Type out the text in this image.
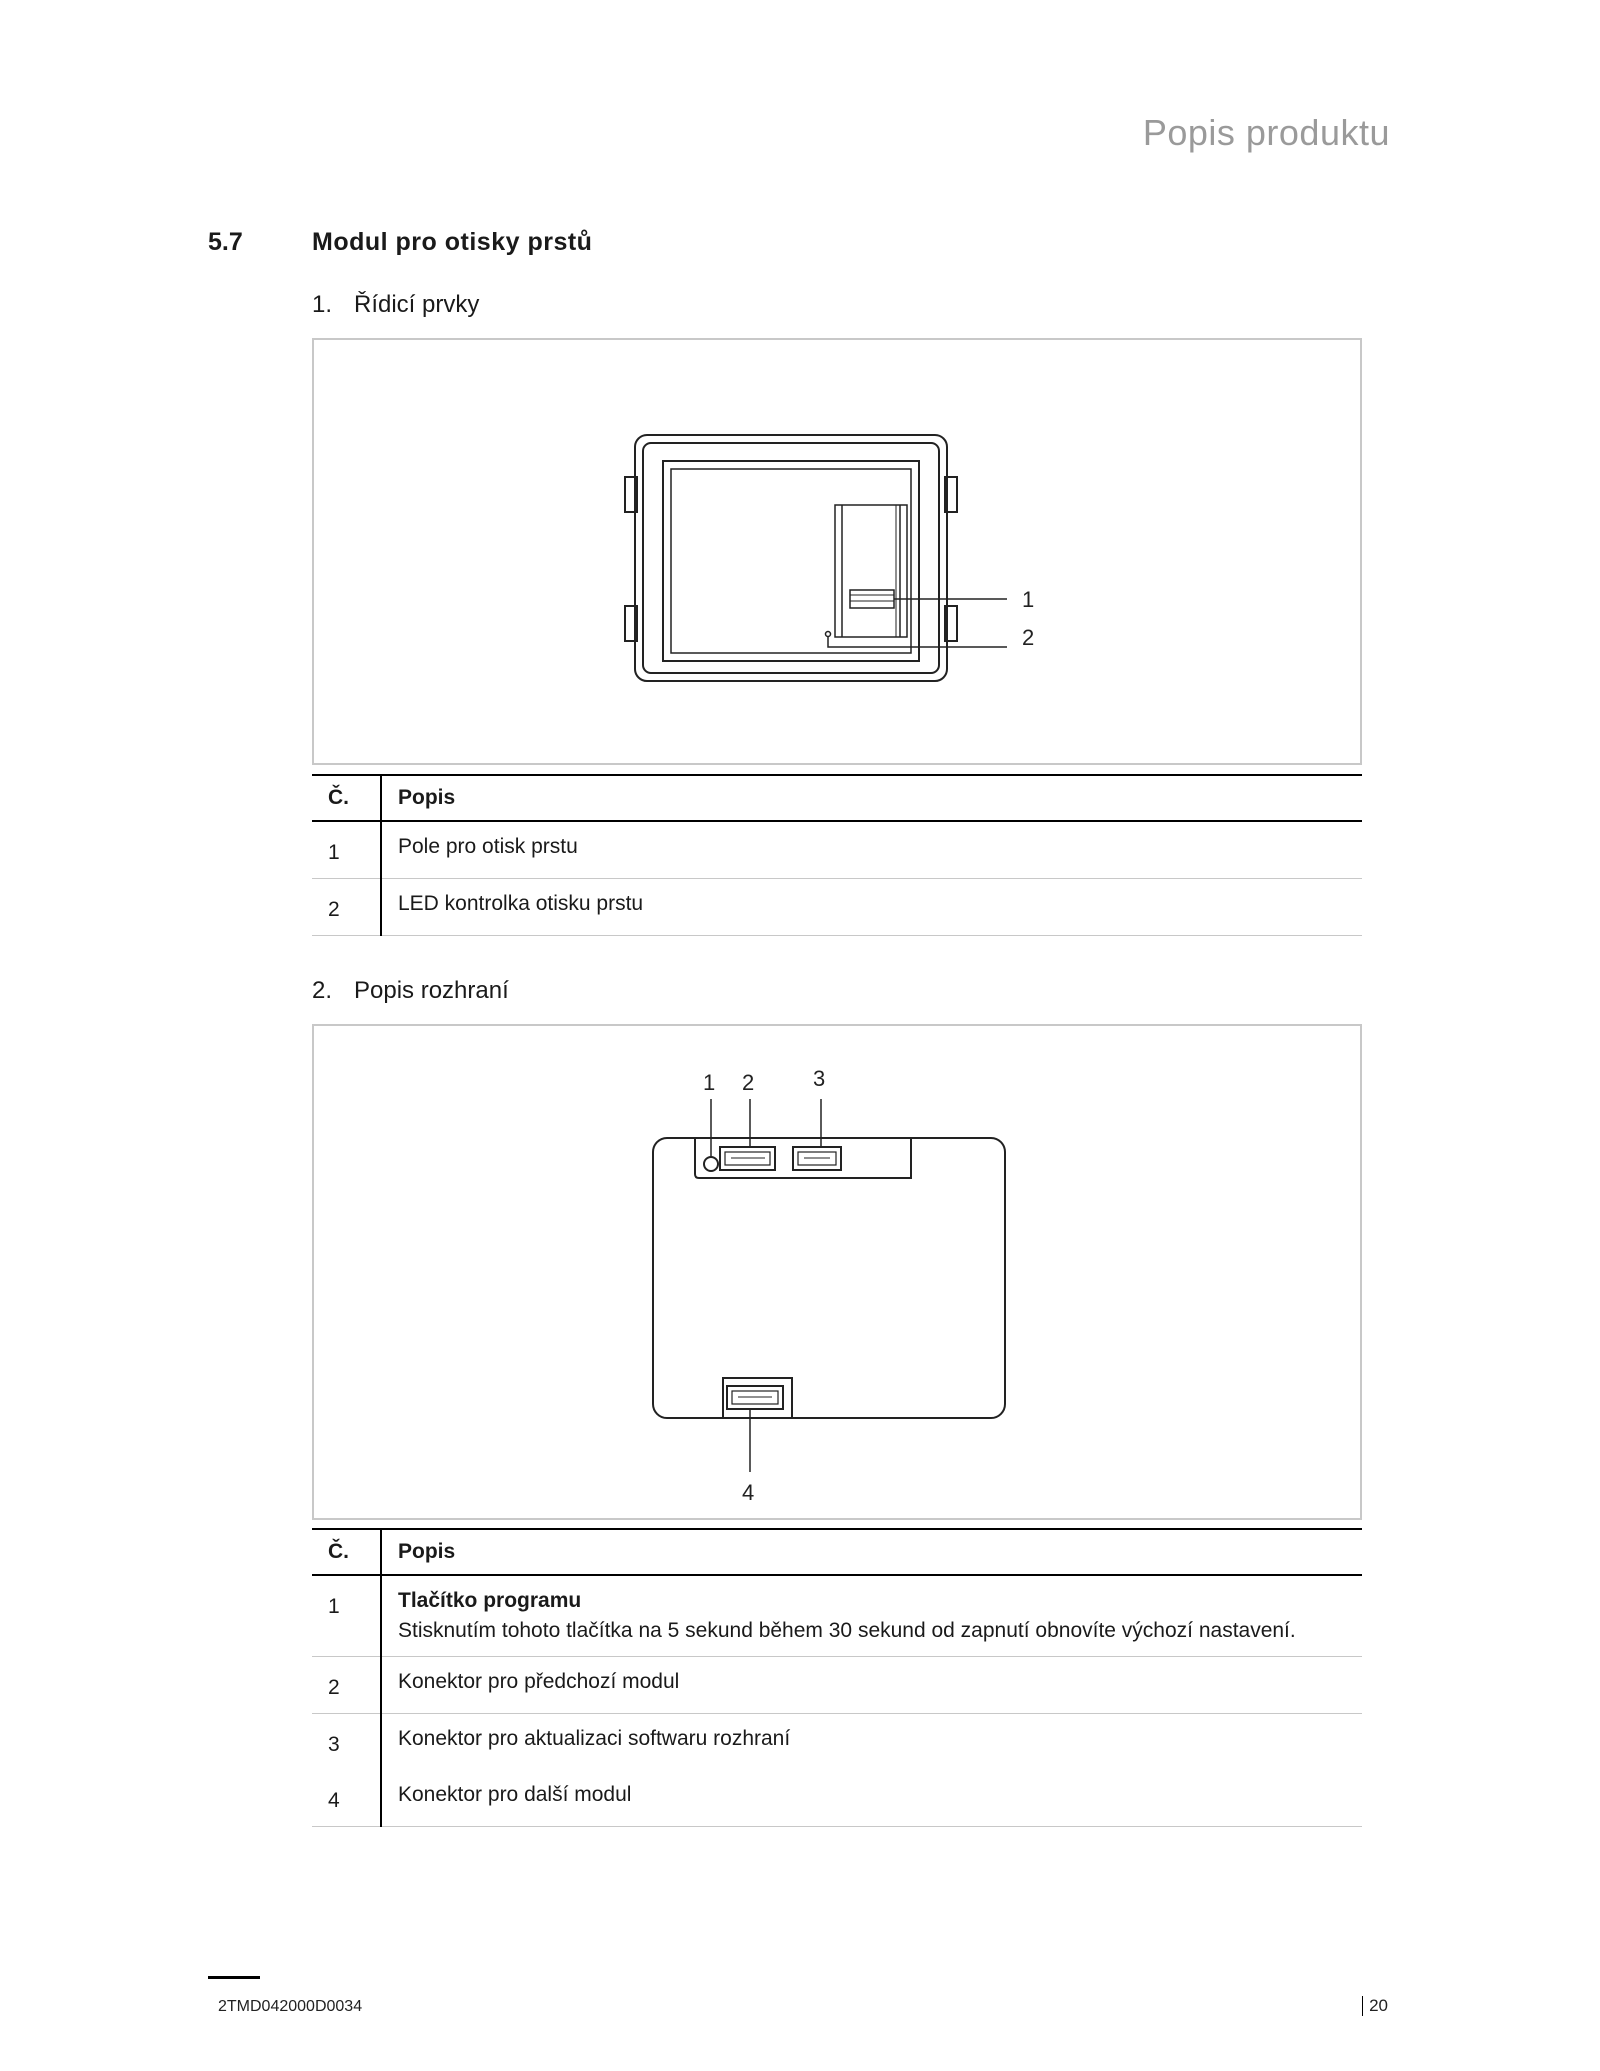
Popis produktu
5.7	Modul pro otisky prstů
1. Řídicí prvky
1
2
Č.	Popis
1	Pole pro otisk prstu
2	LED kontrolka otisku prstu
2. Popis rozhraní
1 2	3
4
Č.	Popis
1	Tlačítko programu
Stisknutím tohoto tlačítka na 5 sekund během 30 sekund od zapnutí obnovíte výchozí nastavení.

2	Konektor pro předchozí modul
3	Konektor pro aktualizaci softwaru rozhraní
4	Konektor pro další modul
2TMD042000D0034	20
